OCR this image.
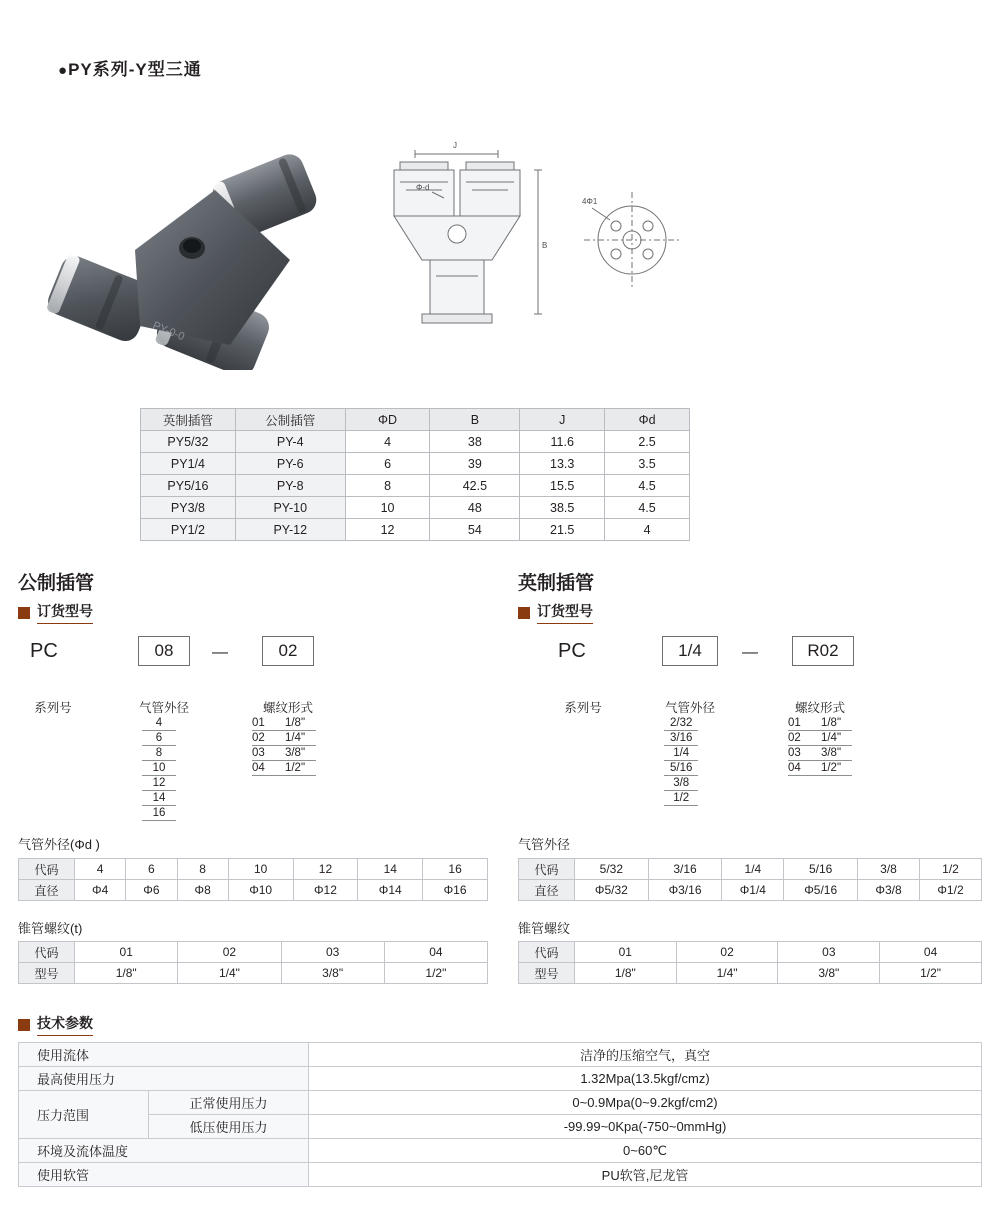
●PY系列-Y型三通
PY-0-0
J
B
Φ-d
4Φ1
英制插管	公制插管	ΦD	B	J	Φd
PY5/32	PY-4	4	38	11.6	2.5
PY1/4	PY-6	6	39	13.3	3.5
PY5/16	PY-8	8	42.5	15.5	4.5
PY3/8	PY-10	10	48	38.5	4.5
PY1/2	PY-12	12	54	21.5	4
公制插管
订货型号
PC	08	—	02
系列号	气管外径	螺纹形式
4
6
8
10
12
14
16
01	1/8"
02	1/4"
03	3/8"
04	1/2"
气管外径(Φd )
代码	4	6	8	10	12	14	16
直径	Φ4	Φ6	Φ8	Φ10	Φ12	Φ14	Φ16
锥管螺纹(t)
代码	01	02	03	04
型号	1/8"	1/4"	3/8"	1/2"
英制插管
订货型号
PC	1/4	—	R02
系列号	气管外径	螺纹形式
2/32
3/16
1/4
5/16
3/8
1/2
01	1/8"
02	1/4"
03	3/8"
04	1/2"
气管外径
代码	5/32	3/16	1/4	5/16	3/8	1/2
直径	Φ5/32	Φ3/16	Φ1/4	Φ5/16	Φ3/8	Φ1/2
锥管螺纹
代码	01	02	03	04
型号	1/8"	1/4"	3/8"	1/2"
技术参数
使用流体		洁净的压缩空气，真空
最高使用压力		1.32Mpa(13.5kgf/cmz)
压力范围	正常使用压力	0~0.9Mpa(0~9.2kgf/cm2)
	低压使用压力	-99.99~0Kpa(-750~0mmHg)
环境及流体温度		0~60℃
使用软管		PU软管,尼龙管
